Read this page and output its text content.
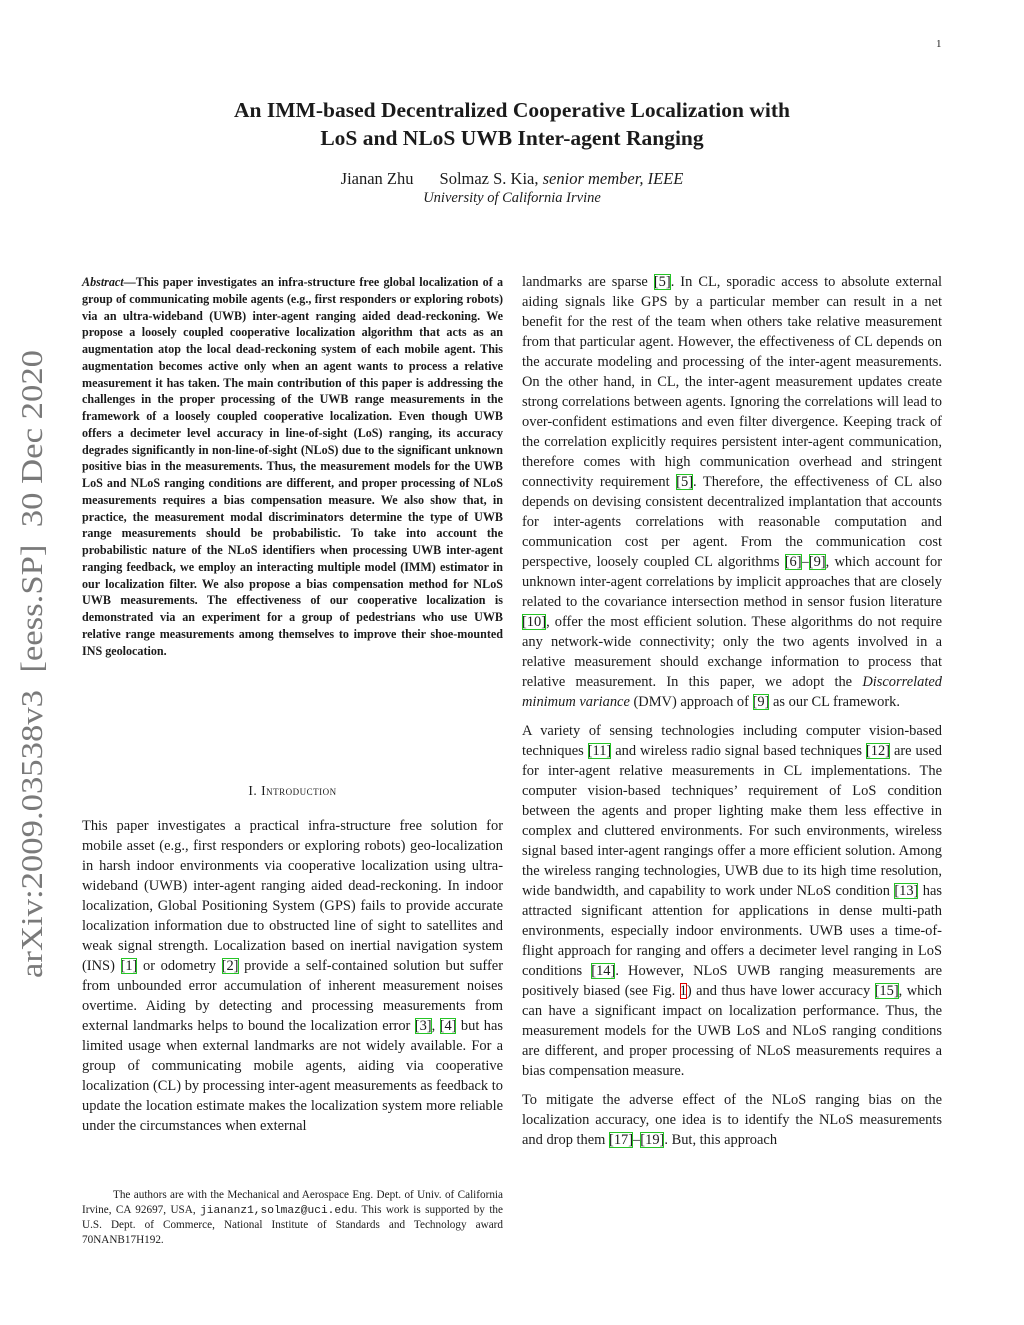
1
arXiv:2009.03538v3  [eess.SP]  30 Dec 2020
An IMM-based Decentralized Cooperative Localization with
LoS and NLoS UWB Inter-agent Ranging
Jianan Zhu Solmaz S. Kia, senior member, IEEE
University of California Irvine
Abstract—This paper investigates an infra-structure free global localization of a group of communicating mobile agents (e.g., first responders or exploring robots) via an ultra-wideband (UWB) inter-agent ranging aided dead-reckoning. We propose a loosely coupled cooperative localization algorithm that acts as an augmentation atop the local dead-reckoning system of each mobile agent. This augmentation becomes active only when an agent wants to process a relative measurement it has taken. The main contribution of this paper is addressing the challenges in the proper processing of the UWB range measurements in the framework of a loosely coupled cooperative localization. Even though UWB offers a decimeter level accuracy in line-of-sight (LoS) ranging, its accuracy degrades significantly in non-line-of-sight (NLoS) due to the significant unknown positive bias in the measurements. Thus, the measurement models for the UWB LoS and NLoS ranging conditions are different, and proper processing of NLoS measurements requires a bias compensation measure. We also show that, in practice, the measurement modal discriminators determine the type of UWB range measurements should be probabilistic. To take into account the probabilistic nature of the NLoS identifiers when processing UWB inter-agent ranging feedback, we employ an interacting multiple model (IMM) estimator in our localization filter. We also propose a bias compensation method for NLoS UWB measurements. The effectiveness of our cooperative localization is demonstrated via an experiment for a group of pedestrians who use UWB relative range measurements among themselves to improve their shoe-mounted INS geolocation.
I. Introduction
This paper investigates a practical infra-structure free solution for mobile asset (e.g., first responders or exploring robots) geo-localization in harsh indoor environments via cooperative localization using ultra-wideband (UWB) inter-agent ranging aided dead-reckoning. In indoor localization, Global Positioning System (GPS) fails to provide accurate localization information due to obstructed line of sight to satellites and weak signal strength. Localization based on inertial navigation system (INS) [1] or odometry [2] provide a self-contained solution but suffer from unbounded error accumulation of inherent measurement noises overtime. Aiding by detecting and processing measurements from external landmarks helps to bound the localization error [3], [4] but has limited usage when external landmarks are not widely available. For a group of communicating mobile agents, aiding via cooperative localization (CL) by processing inter-agent measurements as feedback to update the location estimate makes the localization system more reliable under the circumstances when external
The authors are with the Mechanical and Aerospace Eng. Dept. of Univ. of California Irvine, CA 92697, USA, jiananz1,solmaz@uci.edu. This work is supported by the U.S. Dept. of Commerce, National Institute of Standards and Technology award 70NANB17H192.

landmarks are sparse [5]. In CL, sporadic access to absolute external aiding signals like GPS by a particular member can result in a net benefit for the rest of the team when others take relative measurement from that particular agent. However, the effectiveness of CL depends on the accurate modeling and processing of the inter-agent measurements. On the other hand, in CL, the inter-agent measurement updates create strong correlations between agents. Ignoring the correlations will lead to over-confident estimations and even filter divergence. Keeping track of the correlation explicitly requires persistent inter-agent communication, therefore comes with high communication overhead and stringent connectivity requirement [5]. Therefore, the effectiveness of CL also depends on devising consistent decentralized implantation that accounts for inter-agents correlations with reasonable computation and communication cost per agent. From the communication cost perspective, loosely coupled CL algorithms [6]–[9], which account for unknown inter-agent correlations by implicit approaches that are closely related to the covariance intersection method in sensor fusion literature [10], offer the most efficient solution. These algorithms do not require any network-wide connectivity; only the two agents involved in a relative measurement should exchange information to process that relative measurement. In this paper, we adopt the Discorrelated minimum variance (DMV) approach of [9] as our CL framework.

A variety of sensing technologies including computer vision-based techniques [11] and wireless radio signal based techniques [12] are used for inter-agent relative measurements in CL implementations. The computer vision-based techniques’ requirement of LoS condition between the agents and proper lighting make them less effective in complex and cluttered environments. For such environments, wireless signal based inter-agent rangings offer a more efficient solution. Among the wireless ranging technologies, UWB due to its high time resolution, wide bandwidth, and capability to work under NLoS condition [13] has attracted significant attention for applications in dense multi-path environments, especially indoor environments. UWB uses a time-of-flight approach for ranging and offers a decimeter level ranging in LoS conditions [14]. However, NLoS UWB ranging measurements are positively biased (see Fig. 1) and thus have lower accuracy [15], which can have a significant impact on localization performance. Thus, the measurement models for the UWB LoS and NLoS ranging conditions are different, and proper processing of NLoS measurements requires a bias compensation measure.

To mitigate the adverse effect of the NLoS ranging bias on the localization accuracy, one idea is to identify the NLoS measurements and drop them [17]–[19]. But, this approach
